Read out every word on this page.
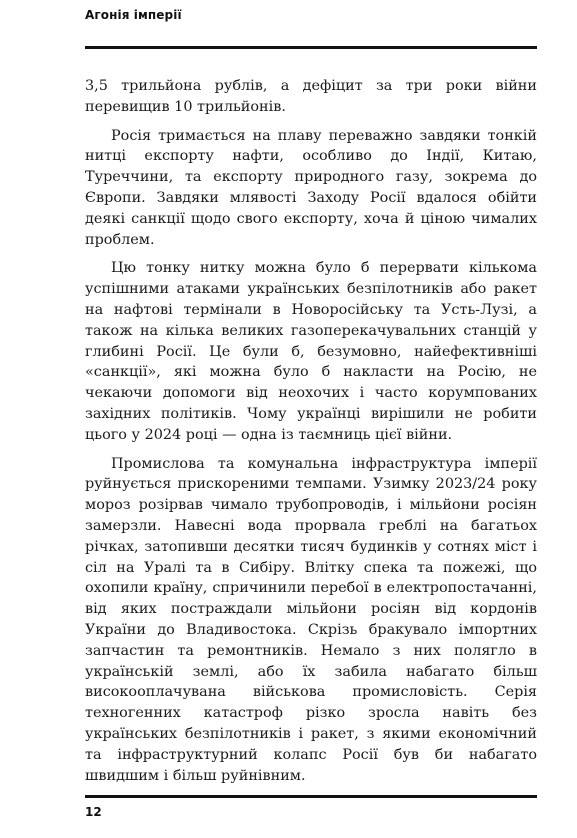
Агонія імперії

3,5 трильйона рублів, а дефіцит за три роки війни перевищив 10 трильйонів.

Росія тримається на плаву переважно завдяки тонкій нитці експорту нафти, особливо до Індії, Китаю, Туреччини, та експорту природного газу, зокрема до Європи. Завдяки млявості Заходу Росії вдалося обійти деякі санкції щодо свого експорту, хоча й ціною чималих проблем.

Цю тонку нитку можна було б перервати кількома успішними атаками українських безпілотників або ракет на нафтові термінали в Новоросійську та Усть-Лузі, а також на кілька великих газоперекачувальних станцій у глибині Росії. Це були б, безумовно, найефективніші «санкції», які можна було б накласти на Росію, не чекаючи допомоги від неохочих і часто корумпованих західних політиків. Чому українці вирішили не робити цього у 2024 році — одна із таємниць цієї війни.

Промислова та комунальна інфраструктура імперії руйнується прискореними темпами. Узимку 2023/24 року мороз розірвав чимало трубопроводів, і мільйони росіян замерзли. Навесні вода прорвала греблі на багатьох річках, затопивши десятки тисяч будинків у сотнях міст і сіл на Уралі та в Сибіру. Влітку спека та пожежі, що охопили країну, спричинили перебої в електропостачанні, від яких постраждали мільйони росіян від кордонів України до Владивостока. Скрізь бракувало імпортних запчастин та ремонтників. Немало з них полягло в українській землі, або їх забила набагато більш високооплачувана військова промисловість. Серія техногенних катастроф різко зросла навіть без українських безпілотників і ракет, з якими економічний та інфраструктурний колапс Росії був би набагато швидшим і більш руйнівним.

12
